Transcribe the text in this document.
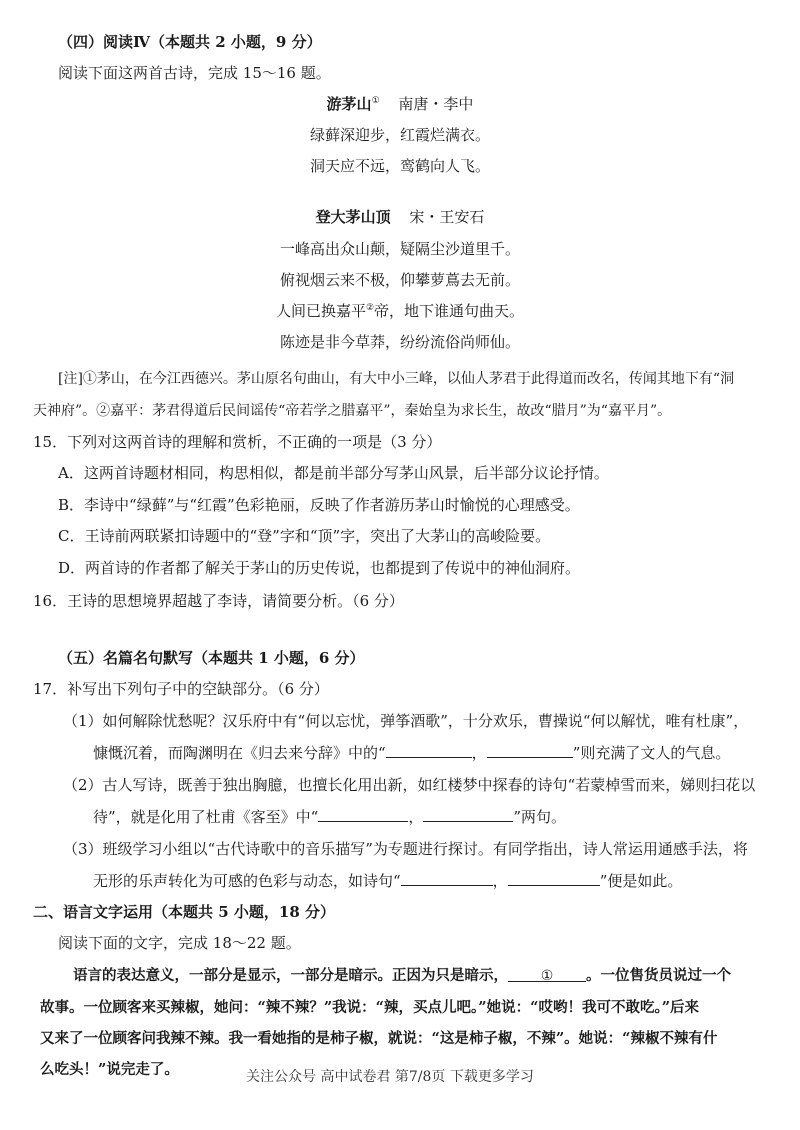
（四）阅读Ⅳ（本题共 2 小题，9 分）
阅读下面这两首古诗，完成 15～16 题。
游茅山① 南唐・李中
绿藓深迎步，红霞烂满衣。
洞天应不远，鸾鹤向人飞。
登大茅山顶 宋・王安石
一峰高出众山颠，疑隔尘沙道里千。
俯视烟云来不极，仰攀萝蔦去无前。
人间已换嘉平②帝，地下谁通句曲天。
陈迹是非今草莽，纷纷流俗尚师仙。
[注]①茅山，在今江西德兴。茅山原名句曲山，有大中小三峰，以仙人茅君于此得道而改名，传闻其地下有“洞
天神府”。②嘉平：茅君得道后民间谣传“帝若学之腊嘉平”，秦始皇为求长生，故改“腊月”为“嘉平月”。
15．下列对这两首诗的理解和赏析，不正确的一项是（3 分）
A．这两首诗题材相同，构思相似，都是前半部分写茅山风景，后半部分议论抒情。
B．李诗中“绿藓”与“红霞”色彩艳丽，反映了作者游历茅山时愉悦的心理感受。
C．王诗前两联紧扣诗题中的“登”字和“顶”字，突出了大茅山的高峻险要。
D．两首诗的作者都了解关于茅山的历史传说，也都提到了传说中的神仙洞府。
16．王诗的思想境界超越了李诗，请简要分析。（6 分）
（五）名篇名句默写（本题共 1 小题，6 分）
17．补写出下列句子中的空缺部分。（6 分）
（1）如何解除忧愁呢？汉乐府中有“何以忘忧，弹筝酒歌”，十分欢乐，曹操说“何以解忧，唯有杜康”，
慷慨沉着，而陶渊明在《归去来兮辞》中的“	，	”则充满了文人的气息。
（2）古人写诗，既善于独出胸臆，也擅长化用出新，如红楼梦中探春的诗句“若蒙棹雪而来，娣则扫花以
待”，就是化用了杜甫《客至》中“	，	”两句。
（3）班级学习小组以“古代诗歌中的音乐描写”为专题进行探讨。有同学指出，诗人常运用通感手法，将
无形的乐声转化为可感的色彩与动态，如诗句“	，	”便是如此。
二、语言文字运用（本题共 5 小题，18 分）
阅读下面的文字，完成 18～22 题。
语言的表达意义，一部分是显示，一部分是暗示。正因为只是暗示， ① 。一位售货员说过一个
故事。一位顾客来买辣椒，她问：“辣不辣？”我说：“辣，买点儿吧。”她说：“哎哟！我可不敢吃。”后来
又来了一位顾客问我辣不辣。我一看她指的是柿子椒，就说：“这是柿子椒，不辣”。她说：“辣椒不辣有什
么吃头！”说完走了。	关注公众号 高中试卷君 第7/8页 下载更多学习
